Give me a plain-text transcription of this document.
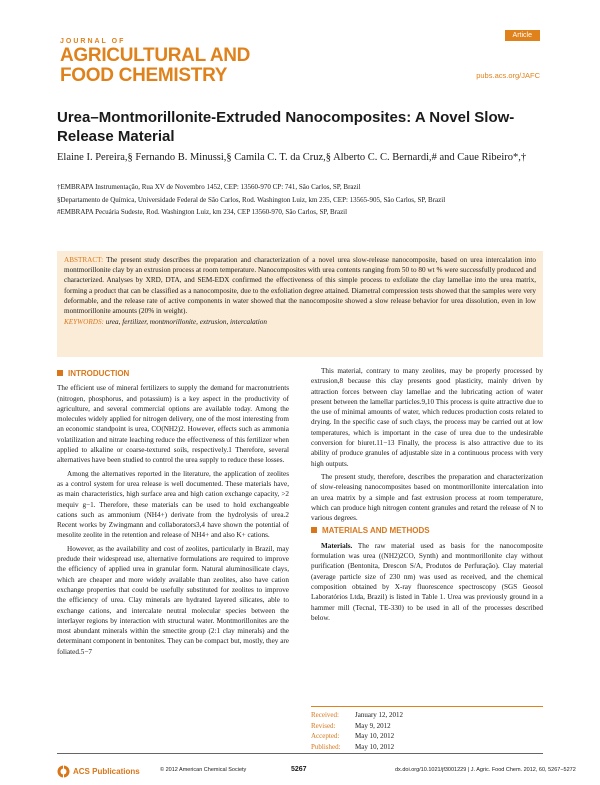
JOURNAL OF
AGRICULTURAL AND
FOOD CHEMISTRY
Article
pubs.acs.org/JAFC
Urea–Montmorillonite-Extruded Nanocomposites: A Novel Slow-Release Material
Elaine I. Pereira,§ Fernando B. Minussi,§ Camila C. T. da Cruz,§ Alberto C. C. Bernardi,# and Caue Ribeiro*,†

†EMBRAPA Instrumentação, Rua XV de Novembro 1452, CEP: 13560-970 CP: 741, São Carlos, SP, Brazil

§Departamento de Química, Universidade Federal de São Carlos, Rod. Washington Luiz, km 235, CEP: 13565-905, São Carlos, SP, Brazil

#EMBRAPA Pecuária Sudeste, Rod. Washington Luiz, km 234, CEP 13560-970, São Carlos, SP, Brazil

ABSTRACT: The present study describes the preparation and characterization of a novel urea slow-release nanocomposite, based on urea intercalation into montmorillonite clay by an extrusion process at room temperature. Nanocomposites with urea contents ranging from 50 to 80 wt % were successfully produced and characterized. Analyses by XRD, DTA, and SEM-EDX confirmed the effectiveness of this simple process to exfoliate the clay lamellae into the urea matrix, forming a product that can be classified as a nanocomposite, due to the exfoliation degree attained. Diametral compression tests showed that the samples were very deformable, and the release rate of active components in water showed that the nanocomposite showed a slow release behavior for urea dissolution, even in low montmorillonite amounts (20% in weight).
KEYWORDS: urea, fertilizer, montmorillonite, extrusion, intercalation
INTRODUCTION

The efficient use of mineral fertilizers to supply the demand for macronutrients (nitrogen, phosphorus, and potassium) is a key aspect in the productivity of agriculture, and several commercial options are available today. Among the molecules widely applied for nitrogen delivery, one of the most interesting from an economic standpoint is urea, CO(NH2)2. However, effects such as ammonia volatilization and nitrate leaching reduce the effectiveness of this fertilizer when applied to alkaline or coarse-textured soils, respectively.1 Therefore, several alternatives have been studied to control the urea supply to reduce these losses.

Among the alternatives reported in the literature, the application of zeolites as a control system for urea release is well documented. These materials have, as main characteristics, high surface area and high cation exchange capacity, >2 mequiv g−1. Therefore, these materials can be used to hold exchangeable cations such as ammonium (NH4+) derivate from the hydrolysis of urea.2 Recent works by Zwingmann and collaborators3,4 have shown the potential of mesolite zeolite in the retention and release of NH4+ and also K+ cations.

However, as the availability and cost of zeolites, particularly in Brazil, may predude their widespread use, alternative formulations are required to improve the efficiency of applied urea in granular form. Natural aluminosilicate clays, which are cheaper and more widely available than zeolites, also have cation exchange properties that could be usefully substituted for zeolites to improve the efficiency of urea. Clay minerals are hydrated layered silicates, able to exchange cations, and intercalate neutral molecular species between the interlayer regions by interaction with structural water. Montmorillonites are the most abundant minerals within the smectite group (2:1 clay minerals) and the determinant component in bentonites. They can be compact but, mostly, they are foliated.5−7

This material, contrary to many zeolites, may be properly processed by extrusion,8 because this clay presents good plasticity, mainly driven by attraction forces between clay lamellae and the lubricating action of water present between the lamellar particles.9,10 This process is quite attractive due to the use of minimal amounts of water, which reduces production costs related to drying. In the specific case of such clays, the process may be carried out at low temperatures, which is important in the case of urea due to the undesirable conversion for biuret.11−13 Finally, the process is also attractive due to its ability of produce granules of adjustable size in a continuous process with very high outputs.

The present study, therefore, describes the preparation and characterization of slow-releasing nanocomposites based on montmorillonite intercalation into an urea matrix by a simple and fast extrusion process at room temperature, which can produce high nitrogen content granules and retard the release of N to various degrees.

MATERIALS AND METHODS

Materials. The raw material used as basis for the nanocomposite formulation was urea ((NH2)2CO, Synth) and montmorillonite clay without purification (Bentonita, Drescon S/A, Produtos de Perfuração). Clay material (average particle size of 230 nm) was used as received, and the chemical composition obtained by X-ray fluorescence spectroscopy (SGS Geosol Laboratórios Ltda, Brazil) is listed in Table 1. Urea was previously ground in a hammer mill (Tecnal, TE-330) to be used in all of the processes described below.

Received:	January 12, 2012
Revised:	May 9, 2012
Accepted:	May 10, 2012
Published:	May 10, 2012
ACS Publications	© 2012 American Chemical Society	5267	dx.doi.org/10.1021/jf3001229 | J. Agric. Food Chem. 2012, 60, 5267−5272
